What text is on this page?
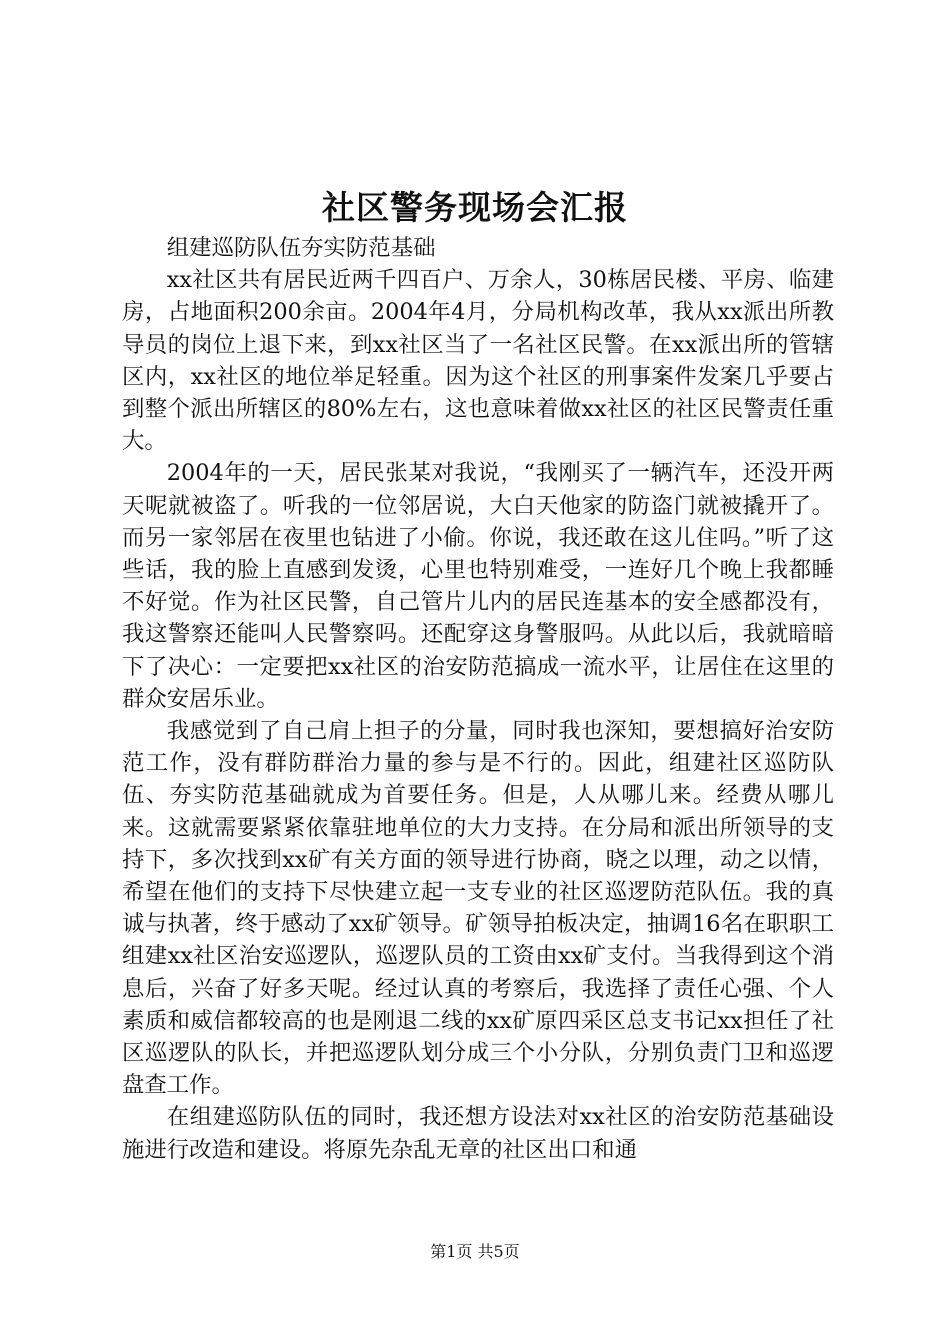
社区警务现场会汇报

组建巡防队伍夯实防范基础

xx社区共有居民近两千四百户、万余人，30栋居民楼、平房、临建房，占地面积200余亩。2004年4月，分局机构改革，我从xx派出所教导员的岗位上退下来，到xx社区当了一名社区民警。在xx派出所的管辖区内，xx社区的地位举足轻重。因为这个社区的刑事案件发案几乎要占到整个派出所辖区的80%左右，这也意味着做xx社区的社区民警责任重大。

2004年的一天，居民张某对我说，“我刚买了一辆汽车，还没开两天呢就被盗了。听我的一位邻居说，大白天他家的防盗门就被撬开了。而另一家邻居在夜里也钻进了小偷。你说，我还敢在这儿住吗。”听了这些话，我的脸上直感到发烫，心里也特别难受，一连好几个晚上我都睡不好觉。作为社区民警，自己管片儿内的居民连基本的安全感都没有，我这警察还能叫人民警察吗。还配穿这身警服吗。从此以后，我就暗暗下了决心：一定要把xx社区的治安防范搞成一流水平，让居住在这里的群众安居乐业。

我感觉到了自己肩上担子的分量，同时我也深知，要想搞好治安防范工作，没有群防群治力量的参与是不行的。因此，组建社区巡防队伍、夯实防范基础就成为首要任务。但是，人从哪儿来。经费从哪儿来。这就需要紧紧依靠驻地单位的大力支持。在分局和派出所领导的支持下，多次找到xx矿有关方面的领导进行协商，晓之以理，动之以情，希望在他们的支持下尽快建立起一支专业的社区巡逻防范队伍。我的真诚与执著，终于感动了xx矿领导。矿领导拍板决定，抽调16名在职职工组建xx社区治安巡逻队，巡逻队员的工资由xx矿支付。当我得到这个消息后，兴奋了好多天呢。经过认真的考察后，我选择了责任心强、个人素质和威信都较高的也是刚退二线的xx矿原四采区总支书记xx担任了社区巡逻队的队长，并把巡逻队划分成三个小分队，分别负责门卫和巡逻盘查工作。

在组建巡防队伍的同时，我还想方设法对xx社区的治安防范基础设施进行改造和建设。将原先杂乱无章的社区出口和通

第1页 共5页
